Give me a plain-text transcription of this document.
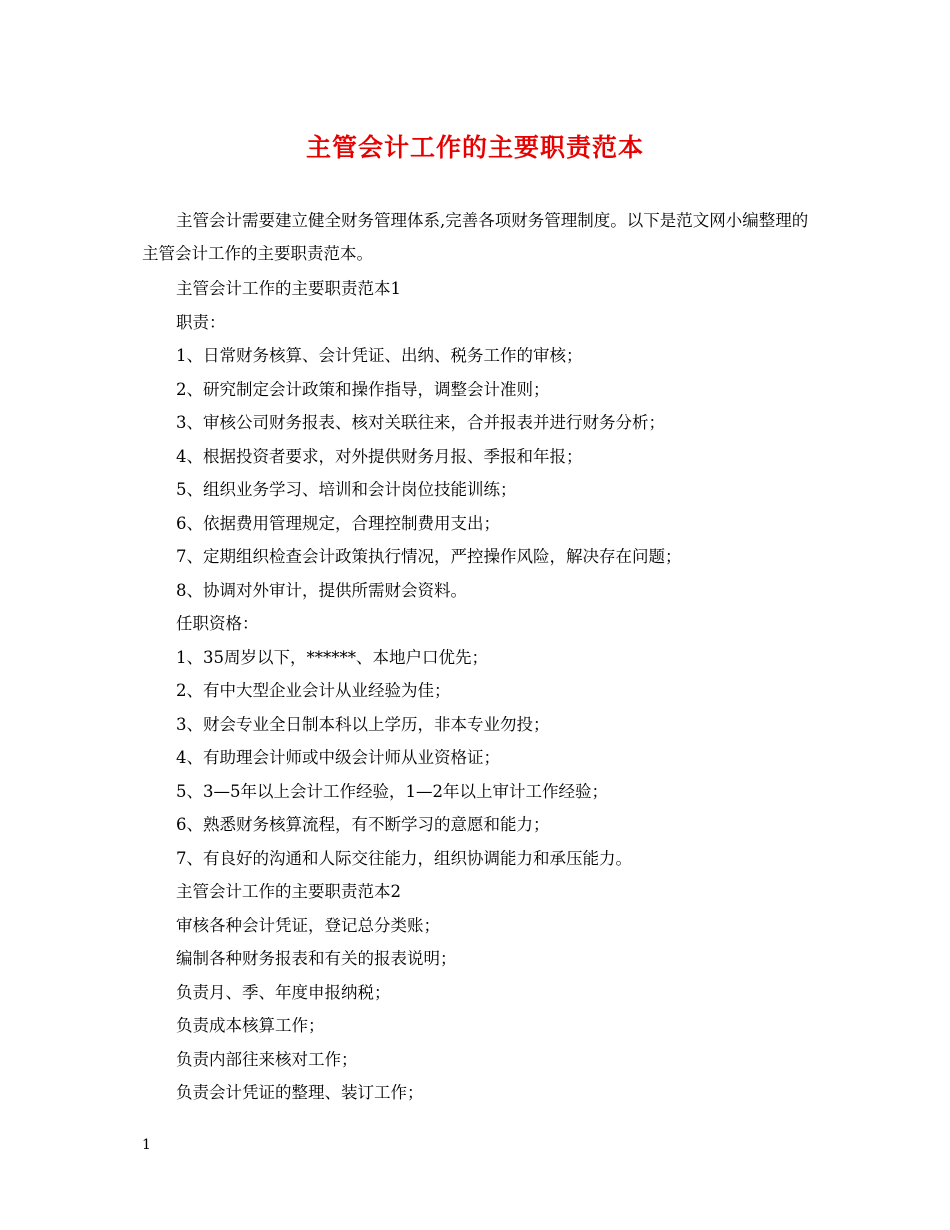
主管会计工作的主要职责范本

主管会计需要建立健全财务管理体系,完善各项财务管理制度。以下是范文网小编整理的主管会计工作的主要职责范本。

主管会计工作的主要职责范本1
职责：
1、日常财务核算、会计凭证、出纳、税务工作的审核；
2、研究制定会计政策和操作指导，调整会计准则；
3、审核公司财务报表、核对关联往来，合并报表并进行财务分析；
4、根据投资者要求，对外提供财务月报、季报和年报；
5、组织业务学习、培训和会计岗位技能训练；
6、依据费用管理规定，合理控制费用支出；
7、定期组织检查会计政策执行情况，严控操作风险，解决存在问题；
8、协调对外审计，提供所需财会资料。
任职资格：
1、35周岁以下，******、本地户口优先；
2、有中大型企业会计从业经验为佳；
3、财会专业全日制本科以上学历，非本专业勿投；
4、有助理会计师或中级会计师从业资格证；
5、3—5年以上会计工作经验，1—2年以上审计工作经验；
6、熟悉财务核算流程，有不断学习的意愿和能力；
7、有良好的沟通和人际交往能力，组织协调能力和承压能力。
主管会计工作的主要职责范本2
审核各种会计凭证，登记总分类账；
编制各种财务报表和有关的报表说明；
负责月、季、年度申报纳税；
负责成本核算工作；
负责内部往来核对工作；
负责会计凭证的整理、装订工作；
1
